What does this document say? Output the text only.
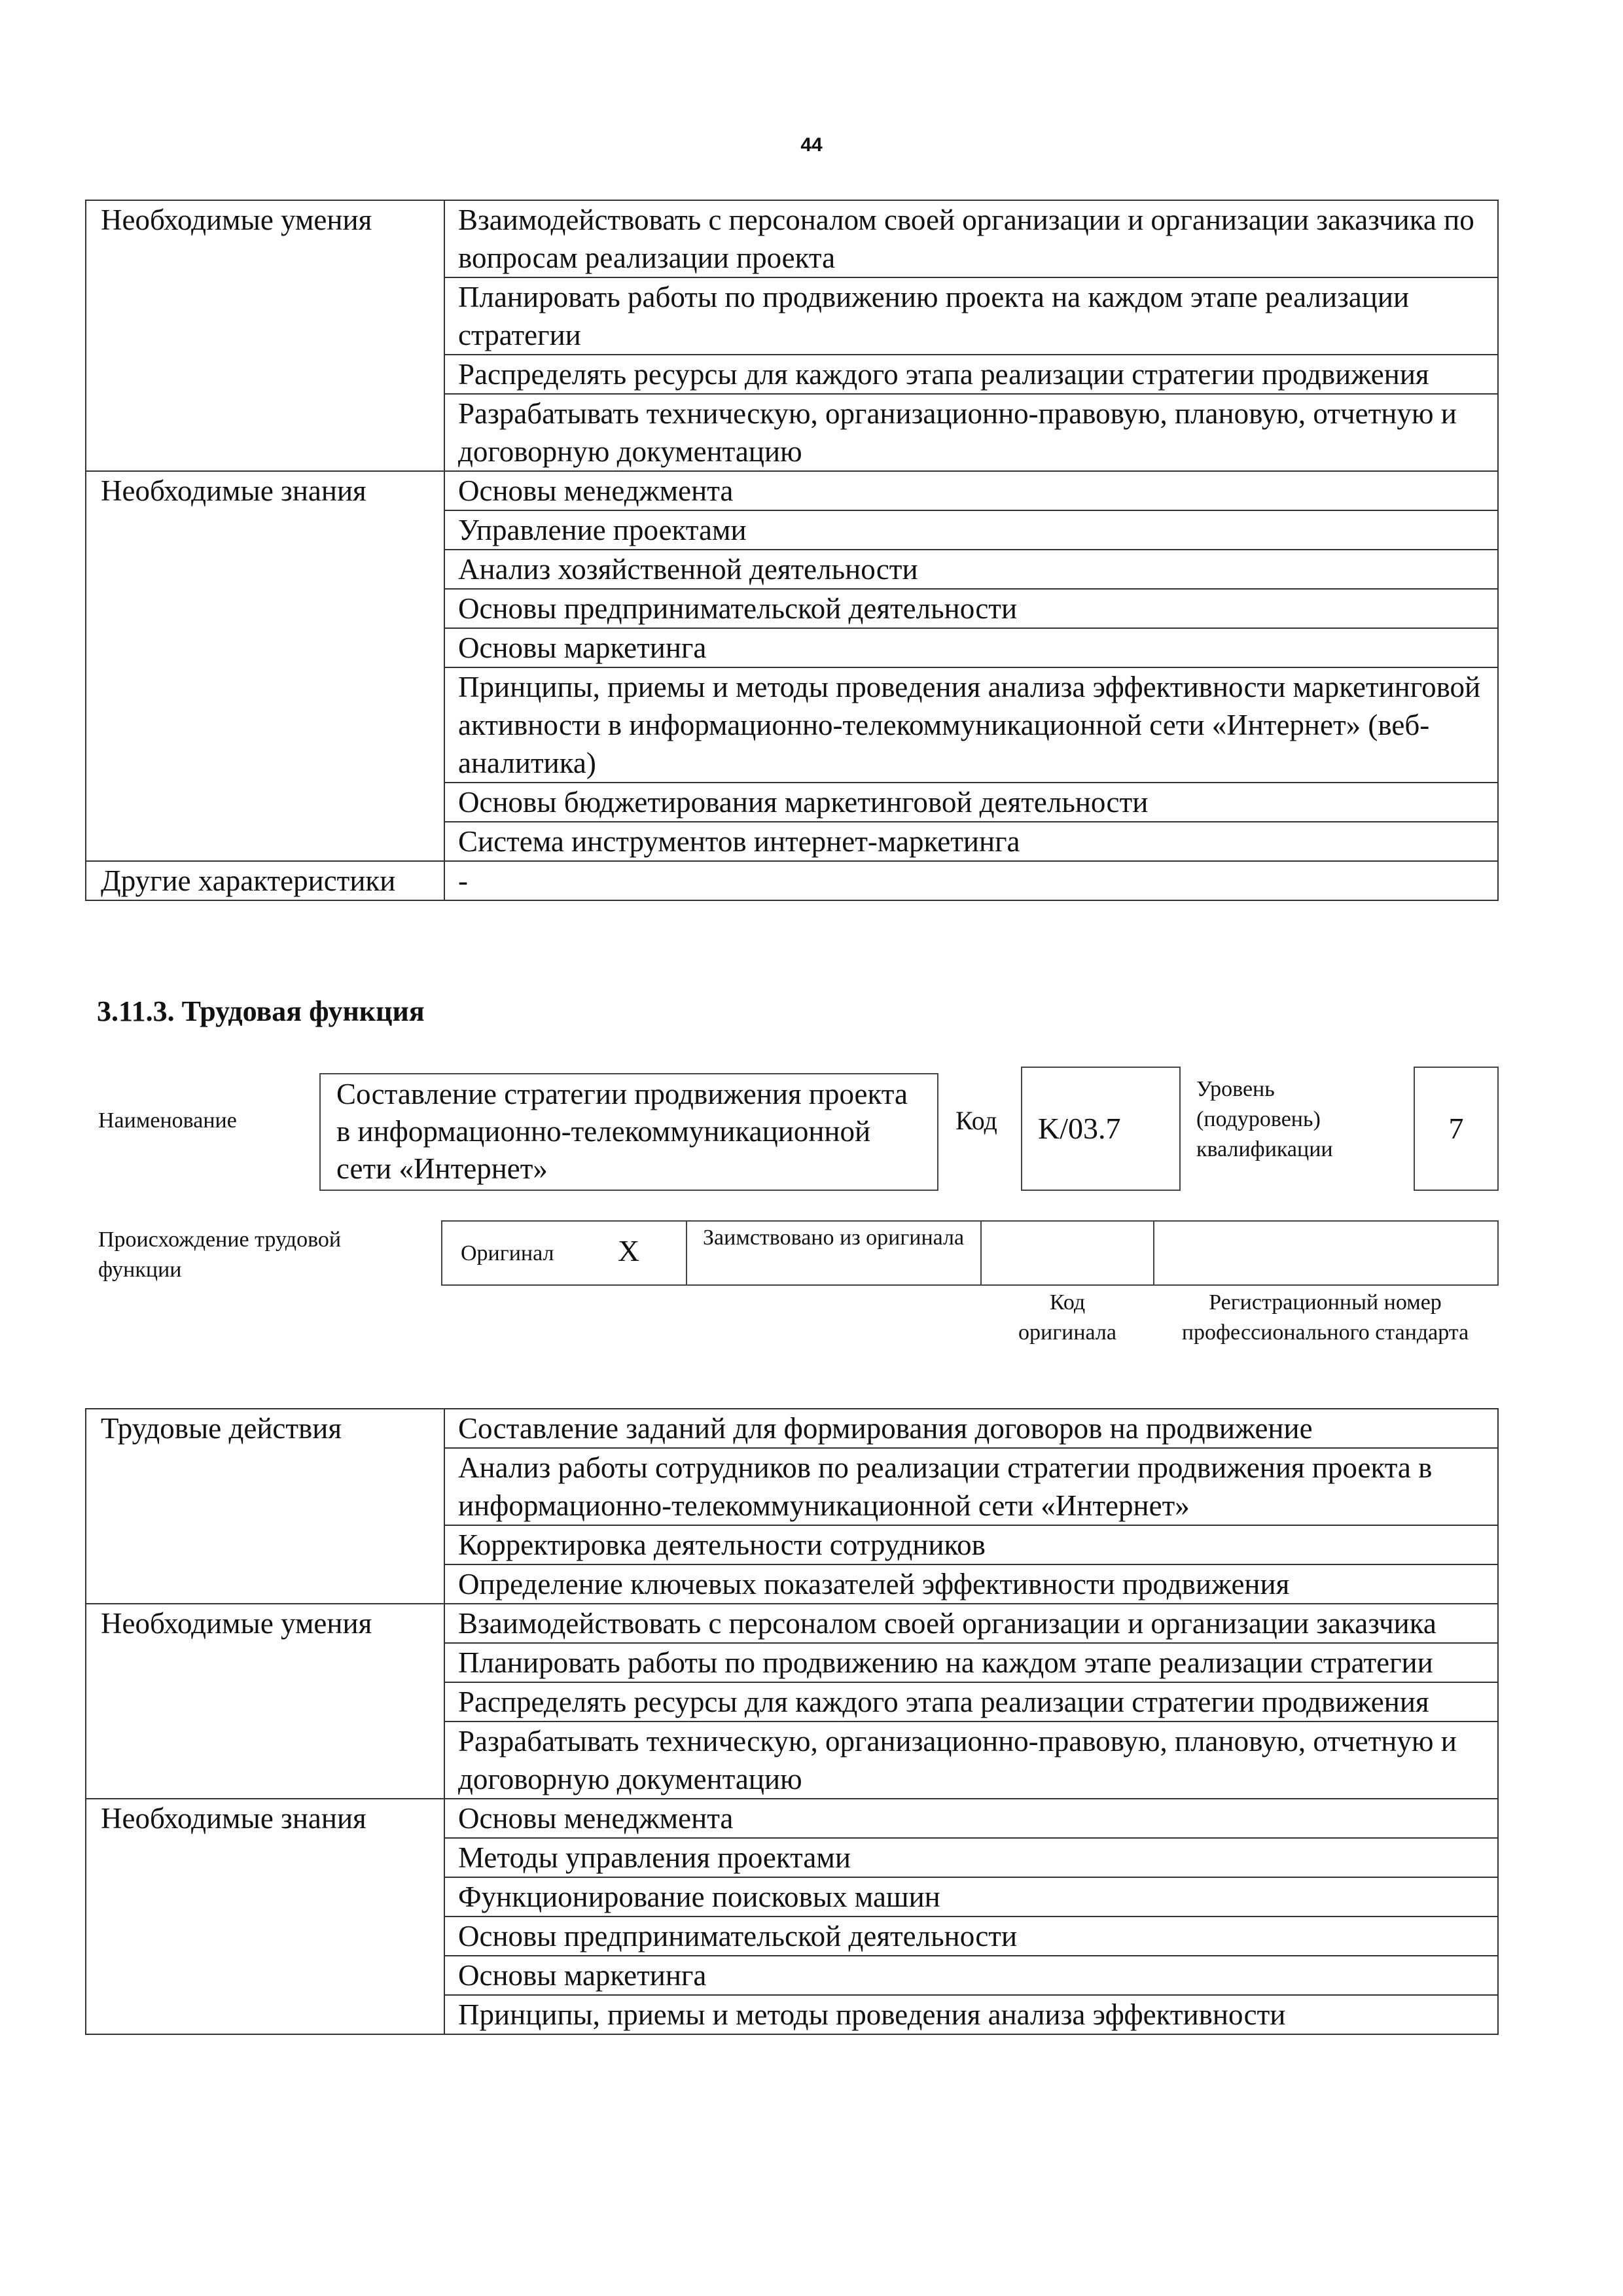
44
Необходимые умения	Взаимодействовать с персоналом своей организации и организации заказчика по вопросам реализации проекта
	Планировать работы по продвижению проекта на каждом этапе реализации стратегии
	Распределять ресурсы для каждого этапа реализации стратегии продвижения
	Разрабатывать техническую, организационно-правовую, плановую, отчетную и договорную документацию
Необходимые знания	Основы менеджмента
	Управление проектами
	Анализ хозяйственной деятельности
	Основы предпринимательской деятельности
	Основы маркетинга
	Принципы, приемы и методы проведения анализа эффективности маркетинговой активности в информационно-телекоммуникационной сети «Интернет» (веб-аналитика)
	Основы бюджетирования маркетинговой деятельности
	Система инструментов интернет-маркетинга
Другие характеристики	-
3.11.3. Трудовая функция
Наименование
Составление стратегии продвижения проекта в информационно-телекоммуникационной сети «Интернет»
Код	K/03.7
Уровень (подуровень) квалификации
7
Происхождение трудовой функции
Оригинал X	Заимствовано из оригинала
Код оригинала
Регистрационный номер профессионального стандарта
Трудовые действия	Составление заданий для формирования договоров на продвижение
	Анализ работы сотрудников по реализации стратегии продвижения проекта в информационно-телекоммуникационной сети «Интернет»
	Корректировка деятельности сотрудников
	Определение ключевых показателей эффективности продвижения
Необходимые умения	Взаимодействовать с персоналом своей организации и организации заказчика
	Планировать работы по продвижению на каждом этапе реализации стратегии
	Распределять ресурсы для каждого этапа реализации стратегии продвижения
	Разрабатывать техническую, организационно-правовую, плановую, отчетную и договорную документацию
Необходимые знания	Основы менеджмента
	Методы управления проектами
	Функционирование поисковых машин
	Основы предпринимательской деятельности
	Основы маркетинга
	Принципы, приемы и методы проведения анализа эффективности
